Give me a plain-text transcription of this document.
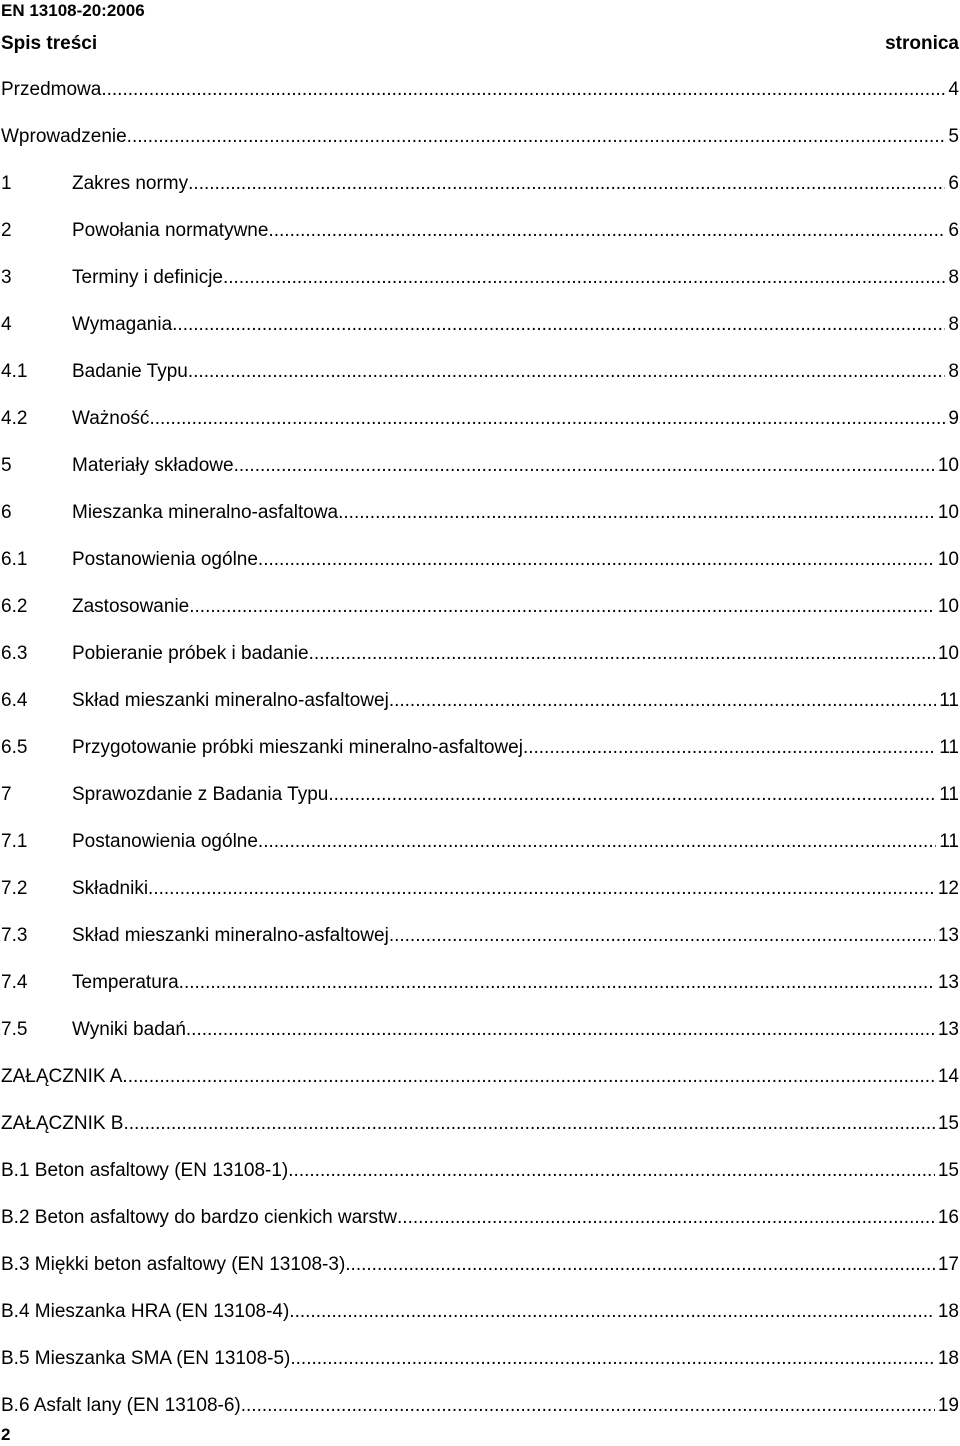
EN 13108-20:2006
Spis treści	stronica
Przedmowa .....	4
Wprowadzenie .....	5
1	Zakres normy .....	6
2	Powołania normatywne .....	6
3	Terminy i definicje .....	8
4	Wymagania .....	8
4.1	Badanie Typu .....	8
4.2	Ważność .....	9
5	Materiały składowe .....	10
6	Mieszanka mineralno-asfaltowa .....	10
6.1	Postanowienia ogólne .....	10
6.2	Zastosowanie .....	10
6.3	Pobieranie próbek i badanie .....	10
6.4	Skład mieszanki mineralno-asfaltowej .....	11
6.5	Przygotowanie próbki mieszanki mineralno-asfaltowej .....	11
7	Sprawozdanie z Badania Typu .....	11
7.1	Postanowienia ogólne .....	11
7.2	Składniki .....	12
7.3	Skład mieszanki mineralno-asfaltowej .....	13
7.4	Temperatura .....	13
7.5	Wyniki badań .....	13
ZAŁĄCZNIK A .....	14
ZAŁĄCZNIK B .....	15
B.1 Beton asfaltowy (EN 13108-1) .....	15
B.2 Beton asfaltowy do bardzo cienkich warstw .....	16
B.3 Miękki beton asfaltowy (EN 13108-3) .....	17
B.4 Mieszanka HRA (EN 13108-4) .....	18
B.5 Mieszanka SMA (EN 13108-5) .....	18
B.6 Asfalt lany (EN 13108-6) .....	19
2
